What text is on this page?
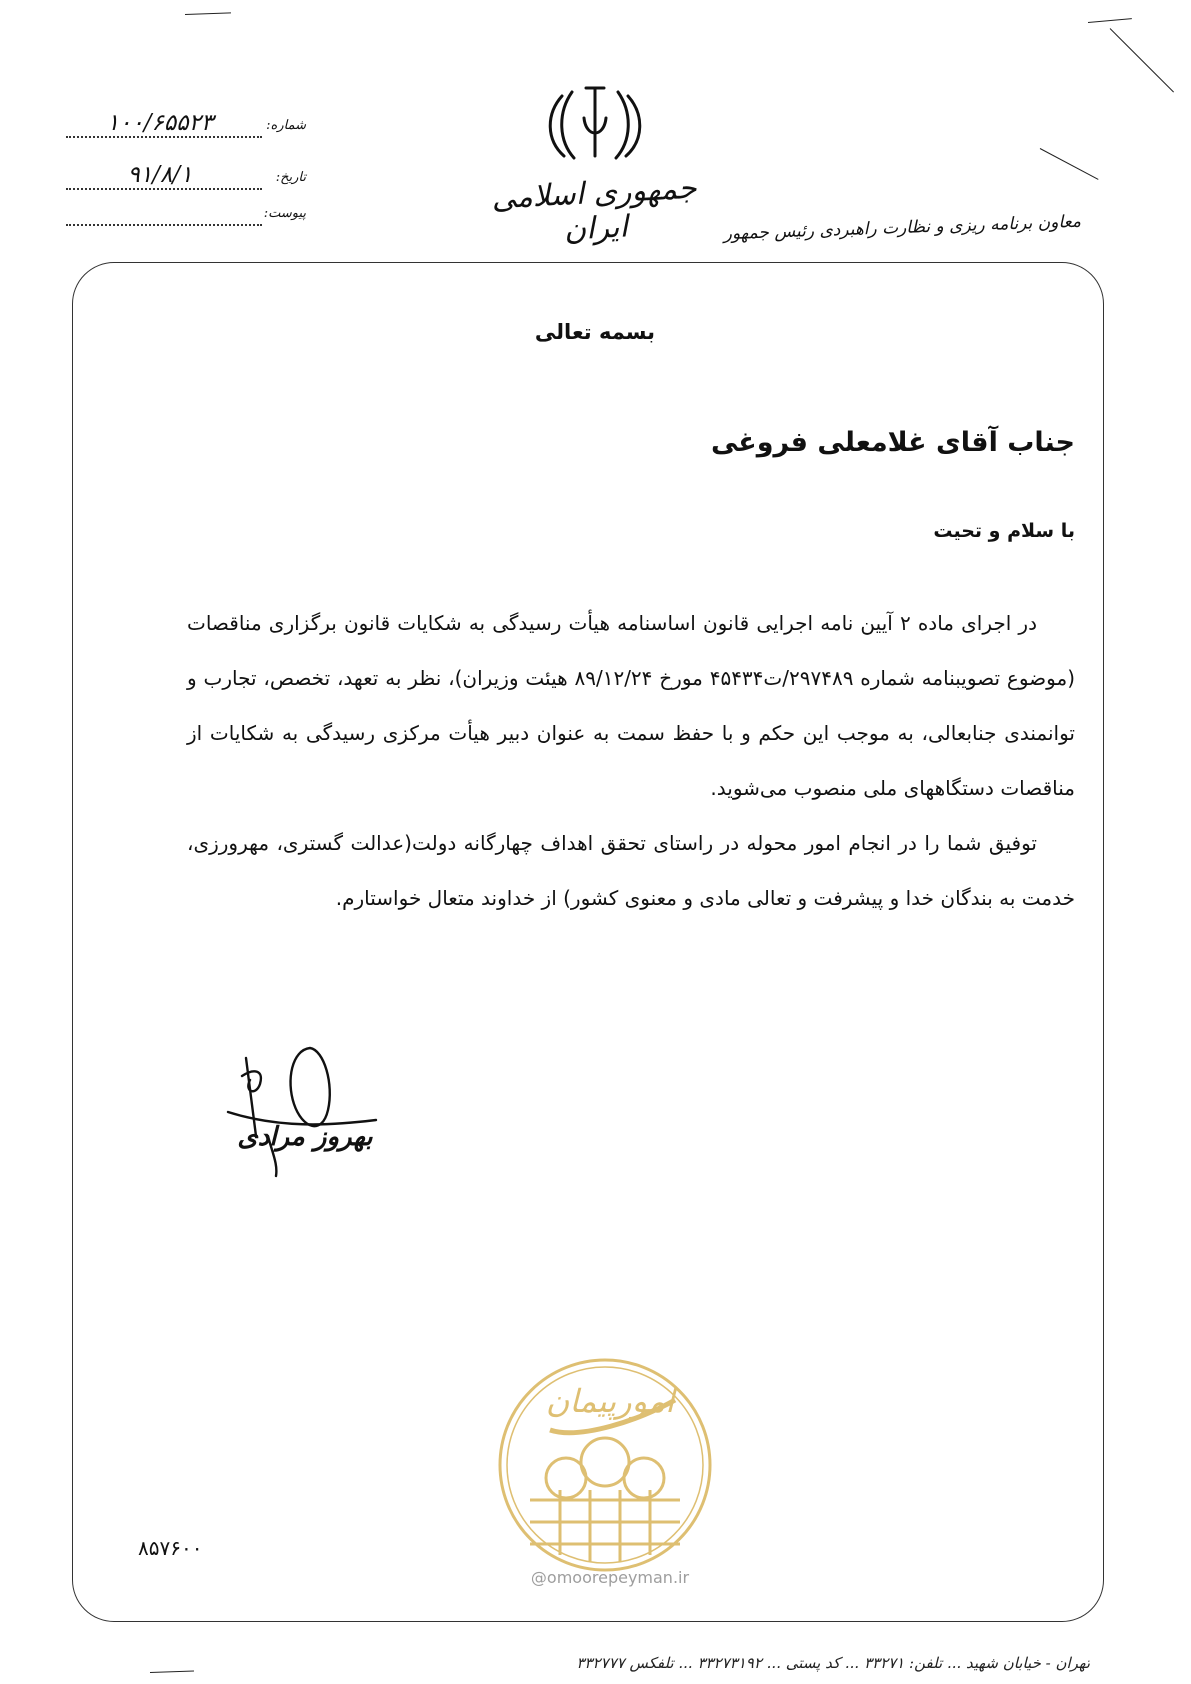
جمهوری اسلامی ایران	معاون برنامه ریزی و نظارت راهبردی رئیس جمهور
شماره:
۱۰۰/۶۵۵۲۳
تاریخ:
۹۱/۸/۱
پیوست:
بسمه تعالی
جناب آقای غلامعلی فروغی
با سلام و تحیت

در اجرای ماده ۲ آیین نامه اجرایی قانون اساسنامه هیأت رسیدگی به شکایات قانون برگزاری مناقصات (موضوع تصویبنامه شماره ۲۹۷۴۸۹/ت۴۵۴۳۴ مورخ ۸۹/۱۲/۲۴ هیئت وزیران)، نظر به تعهد، تخصص، تجارب و توانمندی جنابعالی، به موجب این حکم و با حفظ سمت به عنوان دبیر هیأت مرکزی رسیدگی به شکایات از مناقصات دستگاههای ملی منصوب می‌شوید.

توفیق شما را در انجام امور محوله در راستای تحقق اهداف چهارگانه دولت(عدالت گستری، مهرورزی، خدمت به بندگان خدا و پیشرفت و تعالی مادی و معنوی کشور) از خداوند متعال خواستارم.

بهروز مرادی
امورپیمان
@omoorepeyman.ir
۸۵۷۶۰۰
تهران - خیابان شهید ... تلفن: ۳۳۲۷۱ ... کد پستی ... ۳۳۲۷۳۱۹۲ ... تلفکس ۳۳۲۷۷۷
